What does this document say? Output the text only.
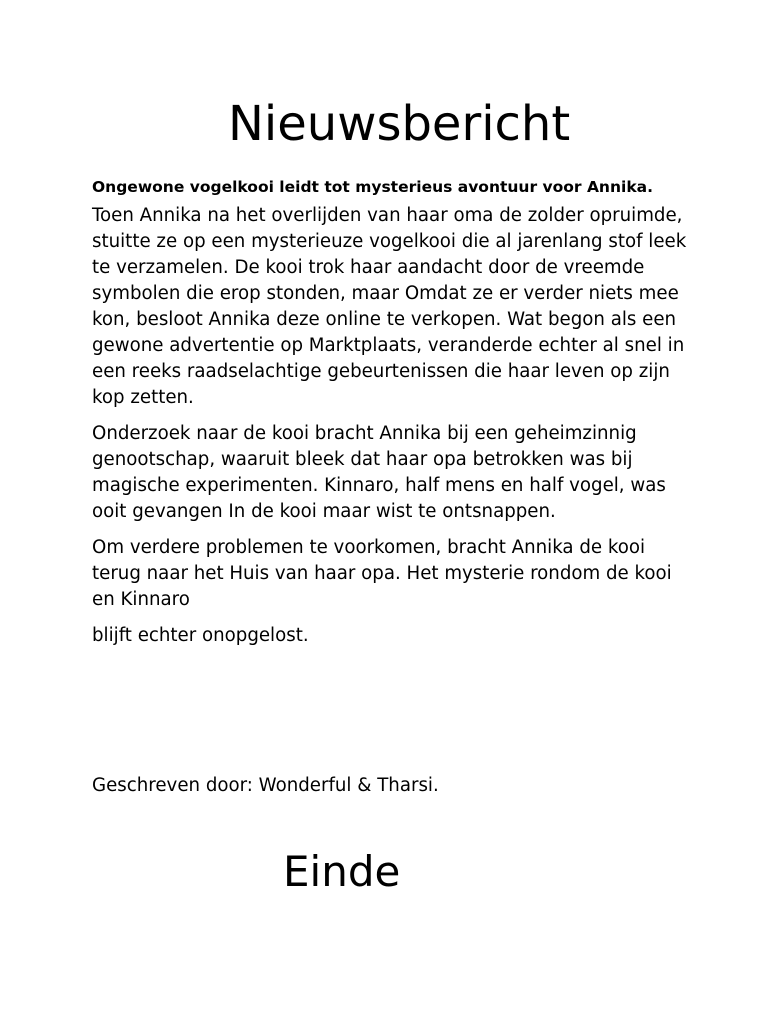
Nieuwsbericht

Ongewone vogelkooi leidt tot mysterieus avontuur voor Annika.

Toen Annika na het overlijden van haar oma de zolder opruimde, stuitte ze op een mysterieuze vogelkooi die al jarenlang stof leek te verzamelen. De kooi trok haar aandacht door de vreemde symbolen die erop stonden, maar Omdat ze er verder niets mee kon, besloot Annika deze online te verkopen. Wat begon als een gewone advertentie op Marktplaats, veranderde echter al snel in een reeks raadselachtige gebeurtenissen die haar leven op zijn kop zetten.

Onderzoek naar de kooi bracht Annika bij een geheimzinnig genootschap, waaruit bleek dat haar opa betrokken was bij magische experimenten. Kinnaro, half mens en half vogel, was ooit gevangen In de kooi maar wist te ontsnappen.

Om verdere problemen te voorkomen, bracht Annika de kooi terug naar het Huis van haar opa. Het mysterie rondom de kooi en Kinnaro

blijft echter onopgelost.

Geschreven door: Wonderful & Tharsi.

Einde
